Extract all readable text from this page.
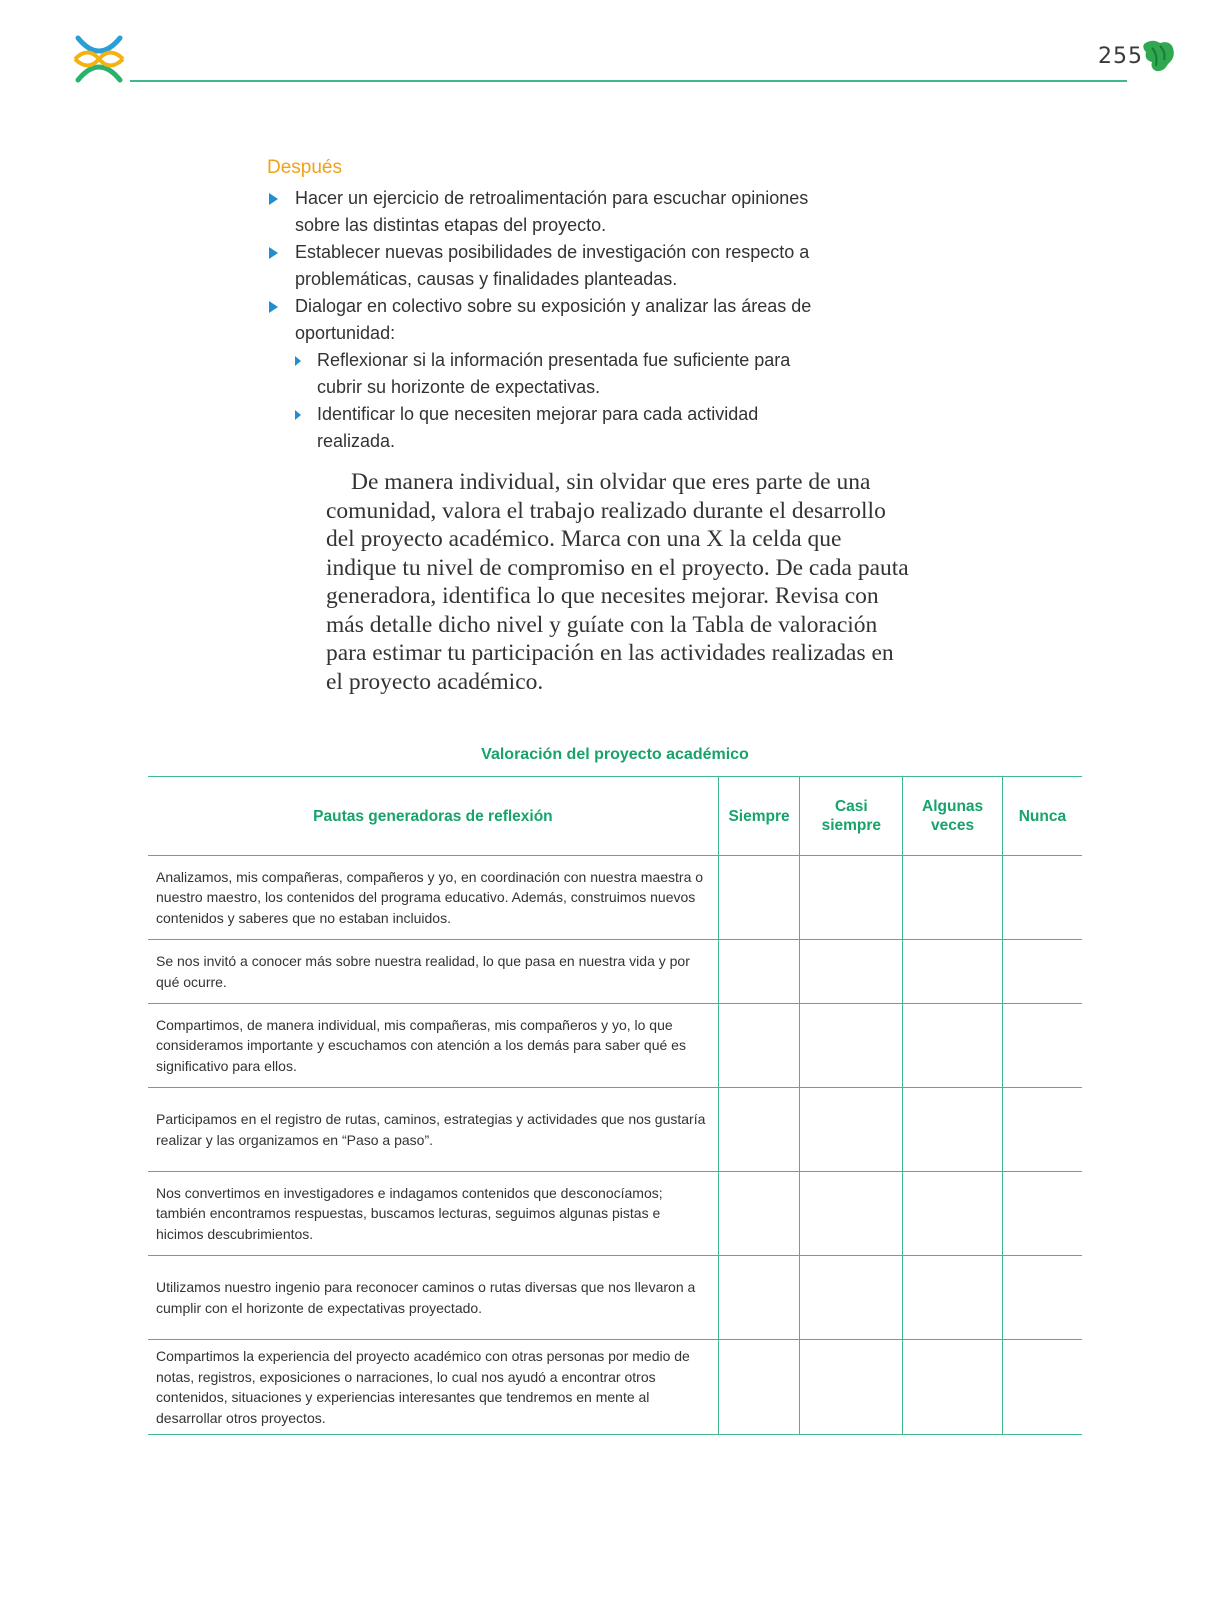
255
Después
Hacer un ejercicio de retroalimentación para escuchar opiniones sobre las distintas etapas del proyecto.
Establecer nuevas posibilidades de investigación con respecto a problemáticas, causas y finalidades planteadas.
Dialogar en colectivo sobre su exposición y analizar las áreas de oportunidad:
Reflexionar si la información presentada fue suficiente para cubrir su horizonte de expectativas.
Identificar lo que necesiten mejorar para cada actividad realizada.

De manera individual, sin olvidar que eres parte de una comunidad, valora el trabajo realizado durante el desarrollo del proyecto académico. Marca con una X la celda que indique tu nivel de compromiso en el proyecto. De cada pauta generadora, identifica lo que necesites mejorar. Revisa con más detalle dicho nivel y guíate con la Tabla de valoración para estimar tu participación en las actividades realizadas en el proyecto académico.

Valoración del proyecto académico
Pautas generadoras de reflexión	Siempre	Casi siempre	Algunas veces	Nunca
Analizamos, mis compañeras, compañeros y yo, en coordinación con nuestra maestra o nuestro maestro, los contenidos del programa educativo. Además, construimos nuevos contenidos y saberes que no estaban incluidos.				
Se nos invitó a conocer más sobre nuestra realidad, lo que pasa en nuestra vida y por qué ocurre.				
Compartimos, de manera individual, mis compañeras, mis compañeros y yo, lo que consideramos importante y escuchamos con atención a los demás para saber qué es significativo para ellos.				
Participamos en el registro de rutas, caminos, estrategias y actividades que nos gustaría realizar y las organizamos en “Paso a paso”.				
Nos convertimos en investigadores e indagamos contenidos que desconocíamos; también encontramos respuestas, buscamos lecturas, seguimos algunas pistas e hicimos descubrimientos.				
Utilizamos nuestro ingenio para reconocer caminos o rutas diversas que nos llevaron a cumplir con el horizonte de expectativas proyectado.				
Compartimos la experiencia del proyecto académico con otras personas por medio de notas, registros, exposiciones o narraciones, lo cual nos ayudó a encontrar otros contenidos, situaciones y experiencias interesantes que tendremos en mente al desarrollar otros proyectos.				
